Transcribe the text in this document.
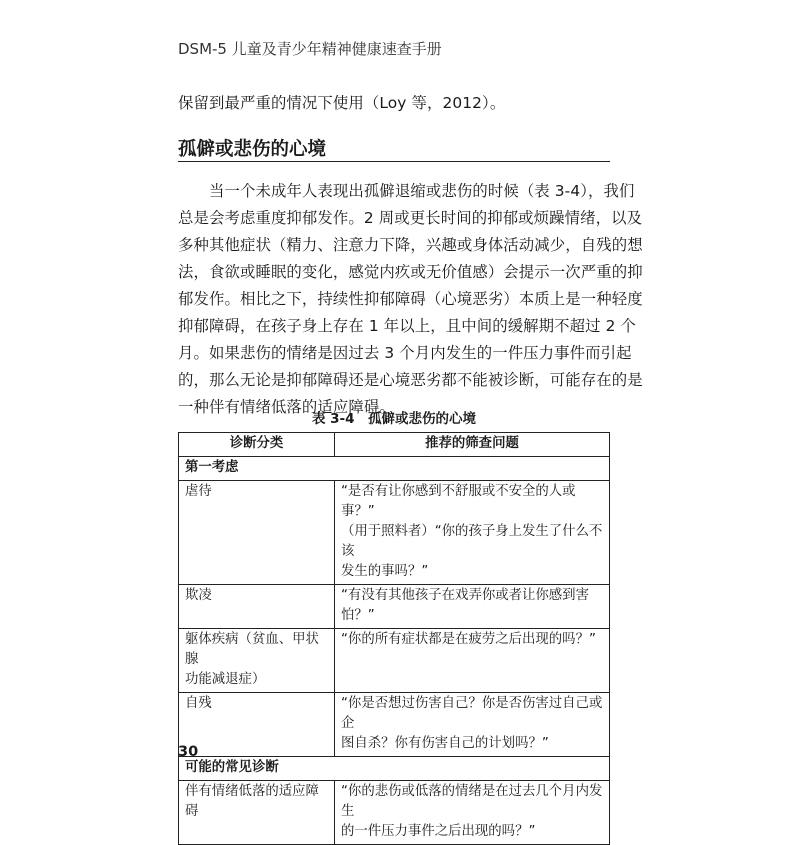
DSM-5 儿童及青少年精神健康速查手册

保留到最严重的情况下使用（Loy 等，2012）。

孤僻或悲伤的心境

当一个未成年人表现出孤僻退缩或悲伤的时候（表 3-4），我们
总是会考虑重度抑郁发作。2 周或更长时间的抑郁或烦躁情绪，以及
多种其他症状（精力、注意力下降，兴趣或身体活动减少，自残的想
法，食欲或睡眠的变化，感觉内疚或无价值感）会提示一次严重的抑
郁发作。相比之下，持续性抑郁障碍（心境恶劣）本质上是一种轻度
抑郁障碍，在孩子身上存在 1 年以上，且中间的缓解期不超过 2 个
月。如果悲伤的情绪是因过去 3 个月内发生的一件压力事件而引起
的，那么无论是抑郁障碍还是心境恶劣都不能被诊断，可能存在的是
一种伴有情绪低落的适应障碍。

表 3-4　孤僻或悲伤的心境
诊断分类	推荐的筛查问题
第一考虑	
虐待	“是否有让你感到不舒服或不安全的人或事？”
（用于照料者）“你的孩子身上发生了什么不该
发生的事吗？”
欺凌	“有没有其他孩子在戏弄你或者让你感到害
怕？”
躯体疾病（贫血、甲状腺
功能减退症）	“你的所有症状都是在疲劳之后出现的吗？”
自残	“你是否想过伤害自己？你是否伤害过自己或企
图自杀？你有伤害自己的计划吗？”
可能的常见诊断	
伴有情绪低落的适应障碍	“你的悲伤或低落的情绪是在过去几个月内发生
的一件压力事件之后出现的吗？”
30
